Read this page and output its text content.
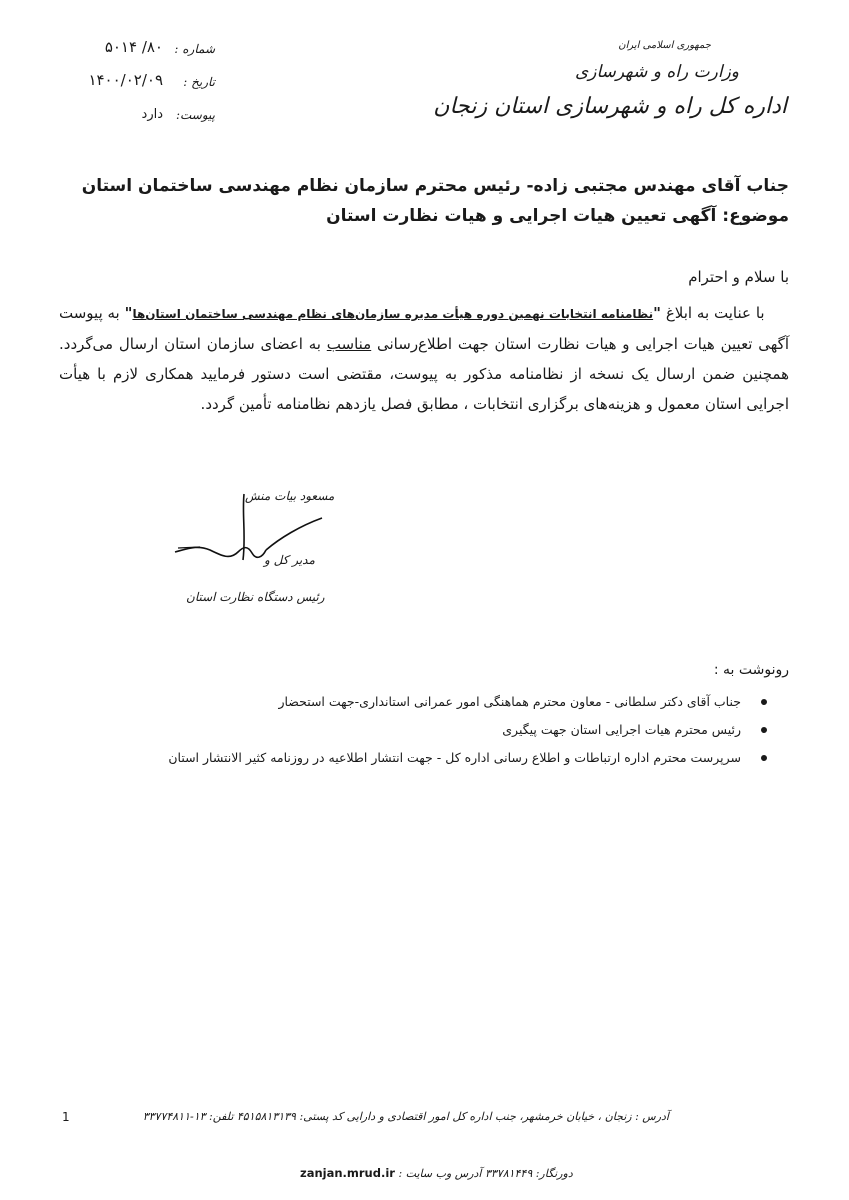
جمهوری اسلامی ایران
وزارت راه و شهرسازی
اداره کل راه و شهرسازی استان زنجان
شماره :
۸۰/ ۵۰۱۴
تاریخ :
۱۴۰۰/۰۲/۰۹
پیوست:
دارد
جناب آقای مهندس مجتبی زاده- رئیس محترم سازمان نظام مهندسی ساختمان استان
موضوع: آگهی تعیین هیات اجرایی و هیات نظارت استان
با سلام و احترام
با عنایت به ابلاغ "نظامنامه انتخابات نهمین دوره هیأت مدیره سازمان‌های نظام مهندسی ساختمان استان‌ها" به پیوست آگهی تعیین هیات اجرایی و هیات نظارت استان جهت اطلاع‌رسانی مناسب به اعضای سازمان استان ارسال می‌گردد. همچنین ضمن ارسال یک نسخه از نظامنامه مذکور به پیوست، مقتضی است دستور فرمایید همکاری لازم با هیأت اجرایی استان معمول و هزینه‌های برگزاری انتخابات ، مطابق فصل یازدهم نظامنامه تأمین گردد.
مسعود بیات منش
مدیر کل و
رئیس دستگاه نظارت استان
رونوشت به :
جناب آقای دکتر سلطانی - معاون محترم هماهنگی امور عمرانی استانداری-جهت استحضار
رئیس محترم هیات اجرایی استان جهت پیگیری
سرپرست محترم اداره ارتباطات و اطلاع رسانی اداره کل - جهت انتشار اطلاعیه در روزنامه کثیر الانتشار استان
1	آدرس : زنجان ، خیابان خرمشهر، جنب اداره کل امور اقتصادی و دارایی کد پستی: ۴۵۱۵۸۱۳۱۳۹ تلفن: ۱۳-۳۳۷۷۴۸۱۱
دورنگار: ۳۳۷۸۱۴۴۹ آدرس وب سایت : zanjan.mrud.ir
